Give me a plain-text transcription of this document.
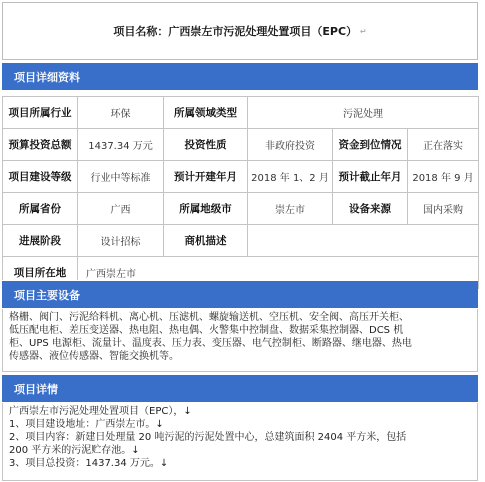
项目名称：广西崇左市污泥处理处置项目（EPC） ↵
项目详细资料
项目所属行业	环保	所属领域类型	污泥处理		
预算投资总额	1437.34 万元	投资性质	非政府投资	资金到位情况	正在落实
项目建设等级	行业中等标准	预计开建年月	2018 年 1、2 月	预计截止年月	2018 年 9 月
所属省份	广西	所属地级市	崇左市	设备来源	国内采购
进展阶段	设计招标	商机描述			
项目所在地	广西崇左市				
项目主要设备

格栅、阀门、污泥给料机、离心机、压滤机、螺旋输送机、空压机、安全阀、高压开关柜、

低压配电柜、差压变送器、热电阻、热电偶、火警集中控制盘、数据采集控制器、DCS 机

柜、UPS 电源柜、流量计、温度表、压力表、变压器、电气控制柜、断路器、继电器、热电

传感器、液位传感器、智能交换机等。

项目详情

广西崇左市污泥处理处置项目（EPC），↓

1、项目建设地址：广西崇左市。↓

2、项目内容：新建日处理量 20 吨污泥的污泥处置中心，总建筑面积 2404 平方米，包括

200 平方米的污泥贮存池。↓

3、项目总投资：1437.34 万元。↓
